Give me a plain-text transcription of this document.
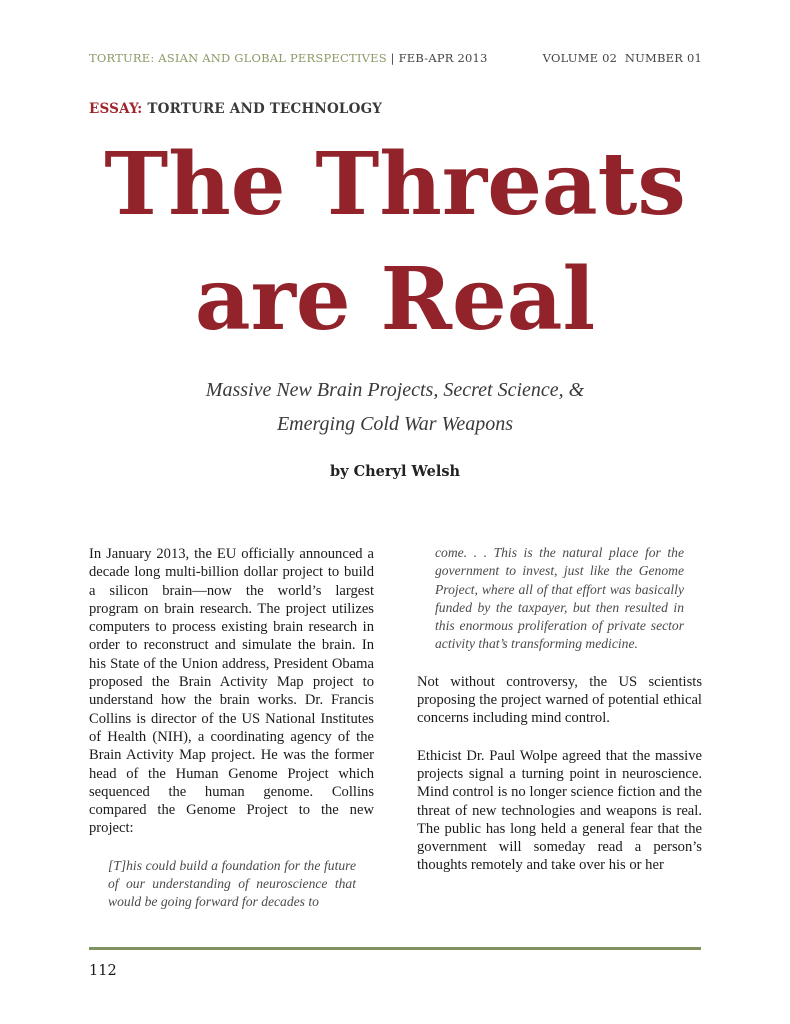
TORTURE: ASIAN AND GLOBAL PERSPECTIVES | FEB-APR 2013	VOLUME 02  NUMBER 01
ESSAY: TORTURE AND TECHNOLOGY
The Threats
are Real
Massive New Brain Projects, Secret Science, &
Emerging Cold War Weapons
by Cheryl Welsh

In January 2013, the EU officially announced a decade long multi-billion dollar project to build a silicon brain—now the world’s largest program on brain research. The project utilizes computers to process existing brain research in order to reconstruct and simulate the brain. In his State of the Union address, President Obama proposed the Brain Activity Map project to understand how the brain works. Dr. Francis Collins is director of the US National Institutes of Health (NIH), a coordinating agency of the Brain Activity Map project. He was the former head of the Human Genome Project which sequenced the human genome. Collins compared the Genome Project to the new project:

[T]his could build a foundation for the future of our understanding of neuroscience that would be going forward for decades to

come. . . This is the natural place for the government to invest, just like the Genome Project, where all of that effort was basically funded by the taxpayer, but then resulted in this enormous proliferation of private sector activity that’s transforming medicine.

Not without controversy, the US scientists proposing the project warned of potential ethical concerns including mind control.

Ethicist Dr. Paul Wolpe agreed that the massive projects signal a turning point in neuroscience. Mind control is no longer science fiction and the threat of new technologies and weapons is real. The public has long held a general fear that the government will someday read a person’s thoughts remotely and take over his or her

112
